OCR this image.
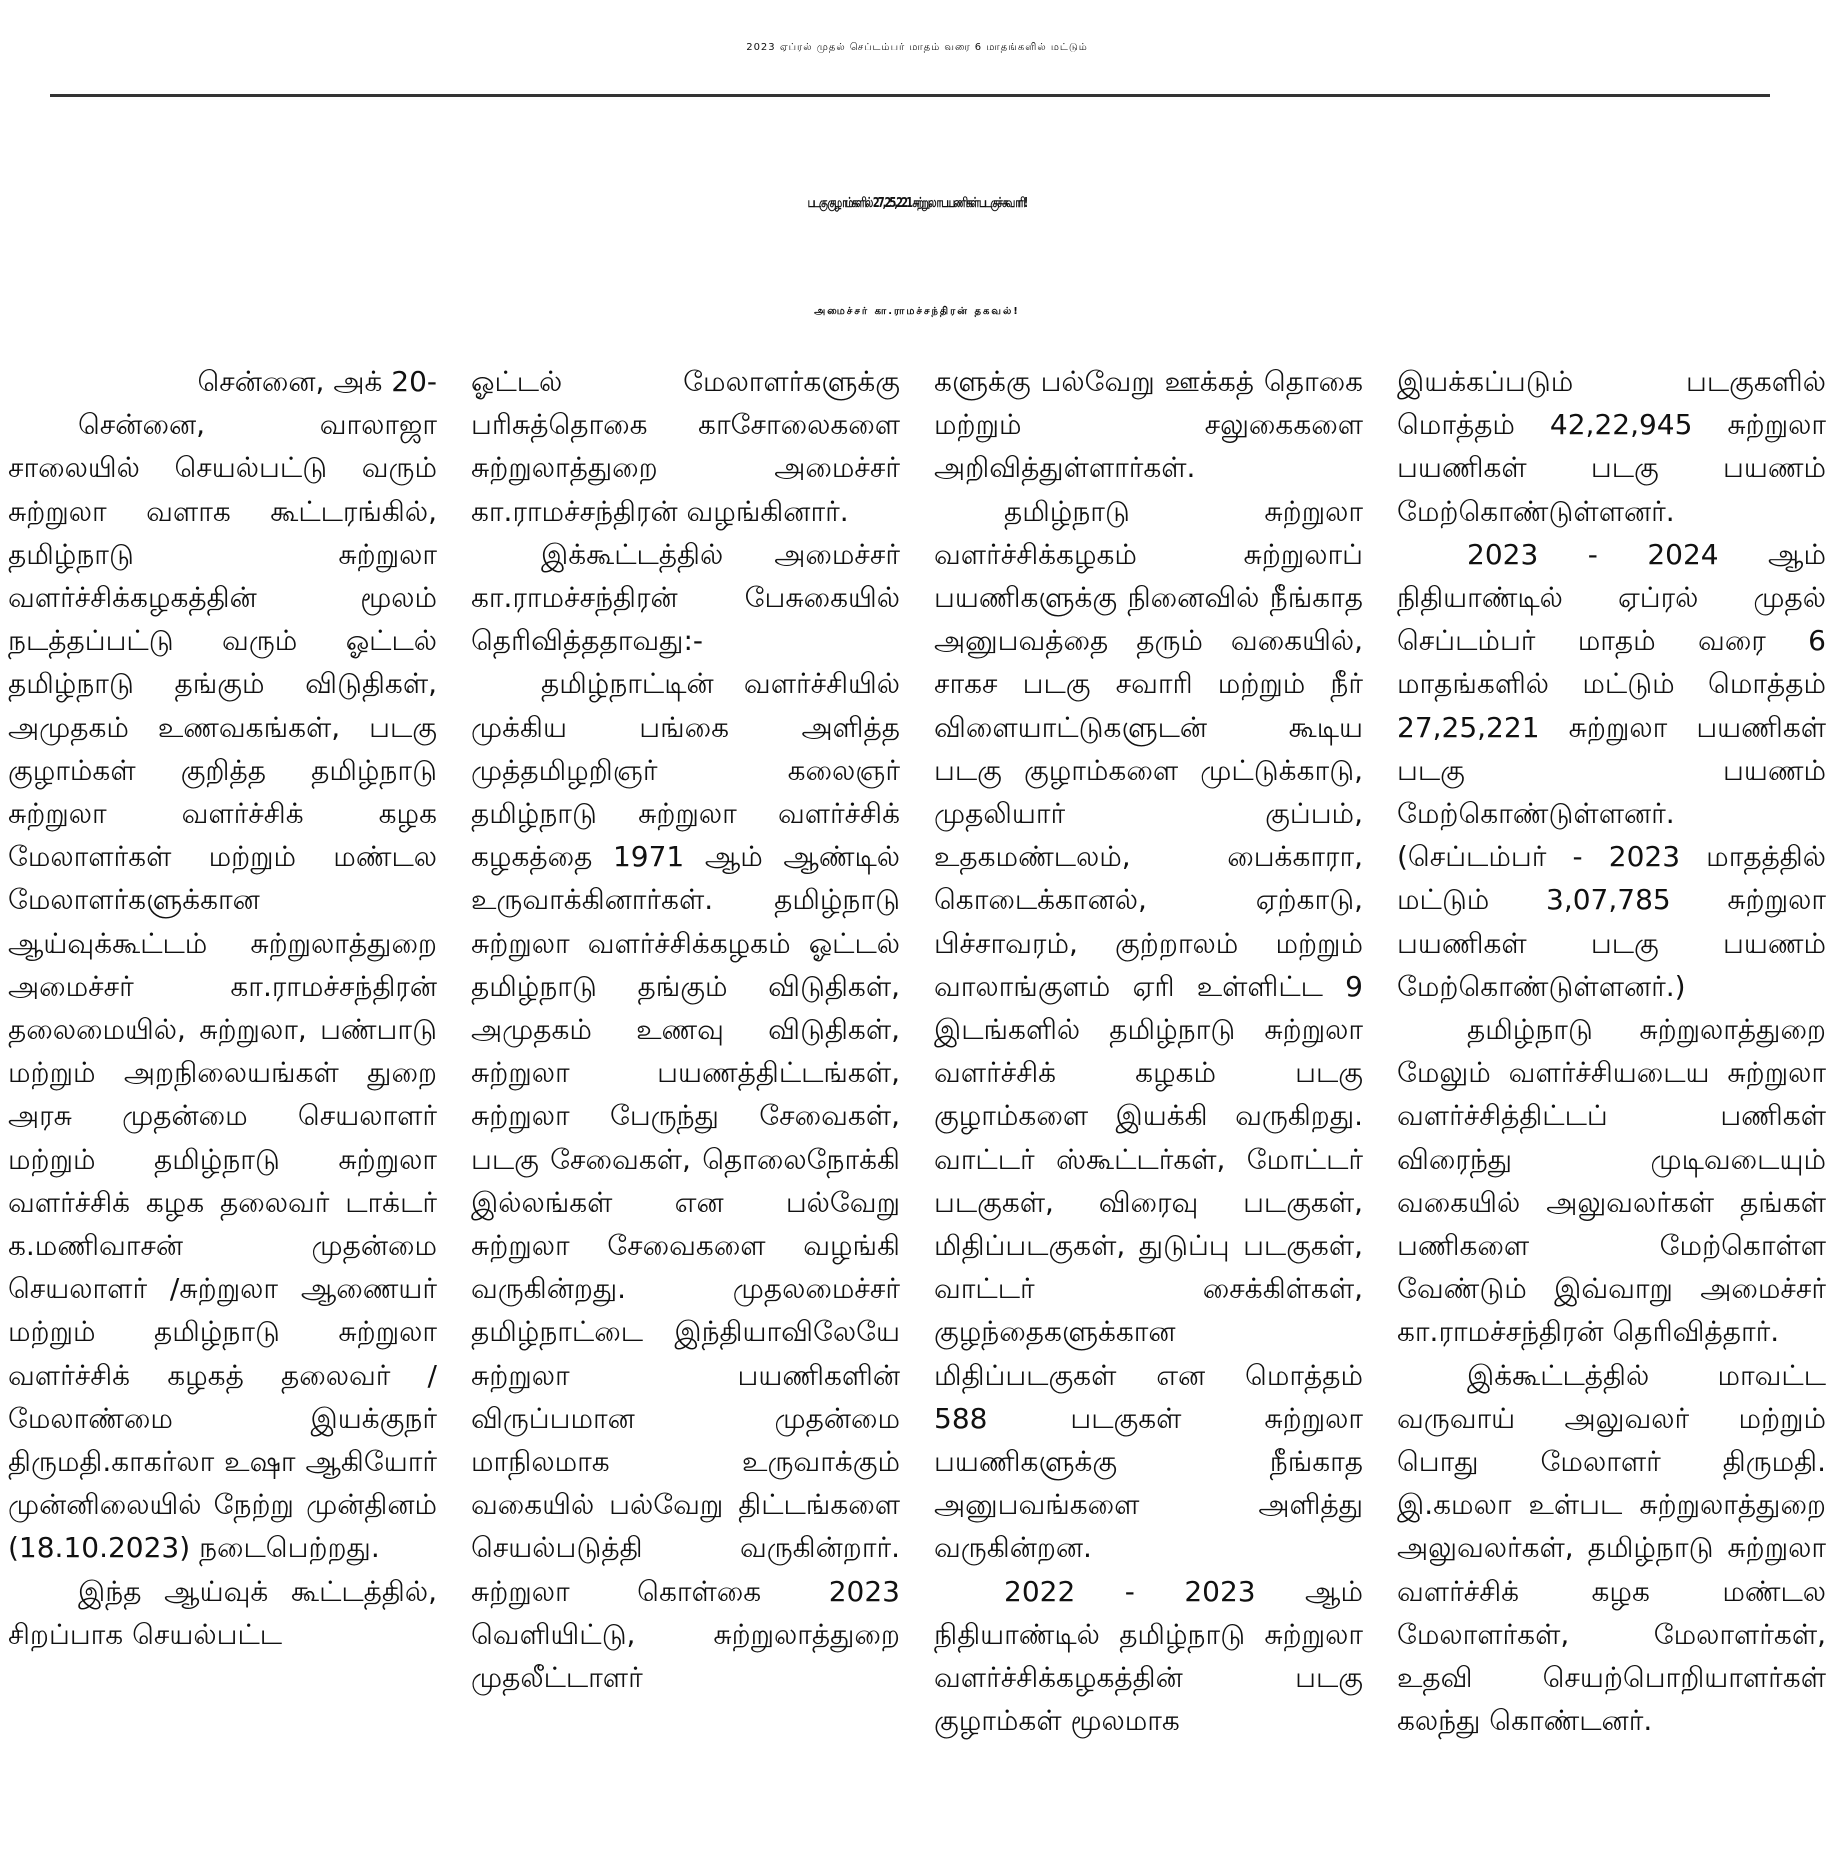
2023 ஏப்ரல் முதல் செப்டம்பர் மாதம் வரை 6 மாதங்களில் மட்டும்
படகு குழாம்களில் 27,25,221 சுற்றுலா பயணிகள் படகுச் சவாரி!
அமைச்சர் கா.ராமச்சந்திரன் தகவல்!

சென்னை, அக் 20-

சென்னை, வாலாஜா சாலையில் செயல்பட்டு வரும் சுற்றுலா வளாக கூட்டரங்கில், தமிழ்நாடு சுற்றுலா வளர்ச்சிக்கழகத்தின் மூலம் நடத்தப்பட்டு வரும் ஓட்டல் தமிழ்நாடு தங்கும் விடுதிகள், அமுதகம் உணவகங்கள், படகு குழாம்கள் குறித்த தமிழ்நாடு சுற்றுலா வளர்ச்சிக் கழக மேலாளர்கள் மற்றும் மண்டல மேலாளர்களுக்கான ஆய்வுக்கூட்டம் சுற்றுலாத்துறை அமைச்சர் கா.ராமச்சந்திரன் தலைமையில், சுற்றுலா, பண்பாடு மற்றும் அறநிலையங்கள் துறை அரசு முதன்மை செயலாளர் மற்றும் தமிழ்நாடு சுற்றுலா வளர்ச்சிக் கழக தலைவர் டாக்டர் க.மணிவாசன் முதன்மை செயலாளர் /சுற்றுலா ஆணையர் மற்றும் தமிழ்நாடு சுற்றுலா வளர்ச்சிக் கழகத் தலைவர் / மேலாண்மை இயக்குநர் திருமதி.காகர்லா உஷா ஆகியோர் முன்னிலையில் நேற்று முன்தினம் (18.10.2023) நடைபெற்றது.

இந்த ஆய்வுக் கூட்டத்தில், சிறப்பாக செயல்பட்ட

ஓட்டல் மேலாளர்களுக்கு பரிசுத்தொகை காசோலைகளை சுற்றுலாத்துறை அமைச்சர் கா.ராமச்சந்திரன் வழங்கினார்.

இக்கூட்டத்தில் அமைச்சர் கா.ராமச்சந்திரன் பேசுகையில் தெரிவித்ததாவது:-

தமிழ்நாட்டின் வளர்ச்சியில் முக்கிய பங்கை அளித்த முத்தமிழறிஞர் கலைஞர் தமிழ்நாடு சுற்றுலா வளர்ச்சிக் கழகத்தை 1971 ஆம் ஆண்டில் உருவாக்கினார்கள். தமிழ்நாடு சுற்றுலா வளர்ச்சிக்கழகம் ஓட்டல் தமிழ்நாடு தங்கும் விடுதிகள், அமுதகம் உணவு விடுதிகள், சுற்றுலா பயணத்திட்டங்கள், சுற்றுலா பேருந்து சேவைகள், படகு சேவைகள், தொலைநோக்கி இல்லங்கள் என பல்வேறு சுற்றுலா சேவைகளை வழங்கி வருகின்றது. முதலமைச்சர் தமிழ்நாட்டை இந்தியாவிலேயே சுற்றுலா பயணிகளின் விருப்பமான முதன்மை மாநிலமாக உருவாக்கும் வகையில் பல்வேறு திட்டங்களை செயல்படுத்தி வருகின்றார். சுற்றுலா கொள்கை 2023 வெளியிட்டு, சுற்றுலாத்துறை முதலீட்டாளர்

களுக்கு பல்வேறு ஊக்கத் தொகை மற்றும் சலுகைகளை அறிவித்துள்ளார்கள்.

தமிழ்நாடு சுற்றுலா வளர்ச்சிக்கழகம் சுற்றுலாப் பயணிகளுக்கு நினைவில் நீங்காத அனுபவத்தை தரும் வகையில், சாகச படகு சவாரி மற்றும் நீர் விளையாட்டுகளுடன் கூடிய படகு குழாம்களை முட்டுக்காடு, முதலியார் குப்பம், உதகமண்டலம், பைக்காரா, கொடைக்கானல், ஏற்காடு, பிச்சாவரம், குற்றாலம் மற்றும் வாலாங்குளம் ஏரி உள்ளிட்ட 9 இடங்களில் தமிழ்நாடு சுற்றுலா வளர்ச்சிக் கழகம் படகு குழாம்களை இயக்கி வருகிறது. வாட்டர் ஸ்கூட்டர்கள், மோட்டர் படகுகள், விரைவு படகுகள், மிதிப்படகுகள், துடுப்பு படகுகள், வாட்டர் சைக்கிள்கள், குழந்தைகளுக்கான மிதிப்படகுகள் என மொத்தம் 588 படகுகள் சுற்றுலா பயணிகளுக்கு நீங்காத அனுபவங்களை அளித்து வருகின்றன.

2022 - 2023 ஆம் நிதியாண்டில் தமிழ்நாடு சுற்றுலா வளர்ச்சிக்கழகத்தின் படகு குழாம்கள் மூலமாக

இயக்கப்படும் படகுகளில் மொத்தம் 42,22,945 சுற்றுலா பயணிகள் படகு பயணம் மேற்கொண்டுள்ளனர்.

2023 - 2024 ஆம் நிதியாண்டில் ஏப்ரல் முதல் செப்டம்பர் மாதம் வரை 6 மாதங்களில் மட்டும் மொத்தம் 27,25,221 சுற்றுலா பயணிகள் படகு பயணம் மேற்கொண்டுள்ளனர். (செப்டம்பர் - 2023 மாதத்தில் மட்டும் 3,07,785 சுற்றுலா பயணிகள் படகு பயணம் மேற்கொண்டுள்ளனர்.)

தமிழ்நாடு சுற்றுலாத்துறை மேலும் வளர்ச்சியடைய சுற்றுலா வளர்ச்சித்திட்டப் பணிகள் விரைந்து முடிவடையும் வகையில் அலுவலர்கள் தங்கள் பணிகளை மேற்கொள்ள வேண்டும் இவ்வாறு அமைச்சர் கா.ராமச்சந்திரன் தெரிவித்தார்.

இக்கூட்டத்தில் மாவட்ட வருவாய் அலுவலர் மற்றும் பொது மேலாளர் திருமதி. இ.கமலா உள்பட சுற்றுலாத்துறை அலுவலர்கள், தமிழ்நாடு சுற்றுலா வளர்ச்சிக் கழக மண்டல மேலாளர்கள், மேலாளர்கள், உதவி செயற்பொறியாளர்கள் கலந்து கொண்டனர்.
